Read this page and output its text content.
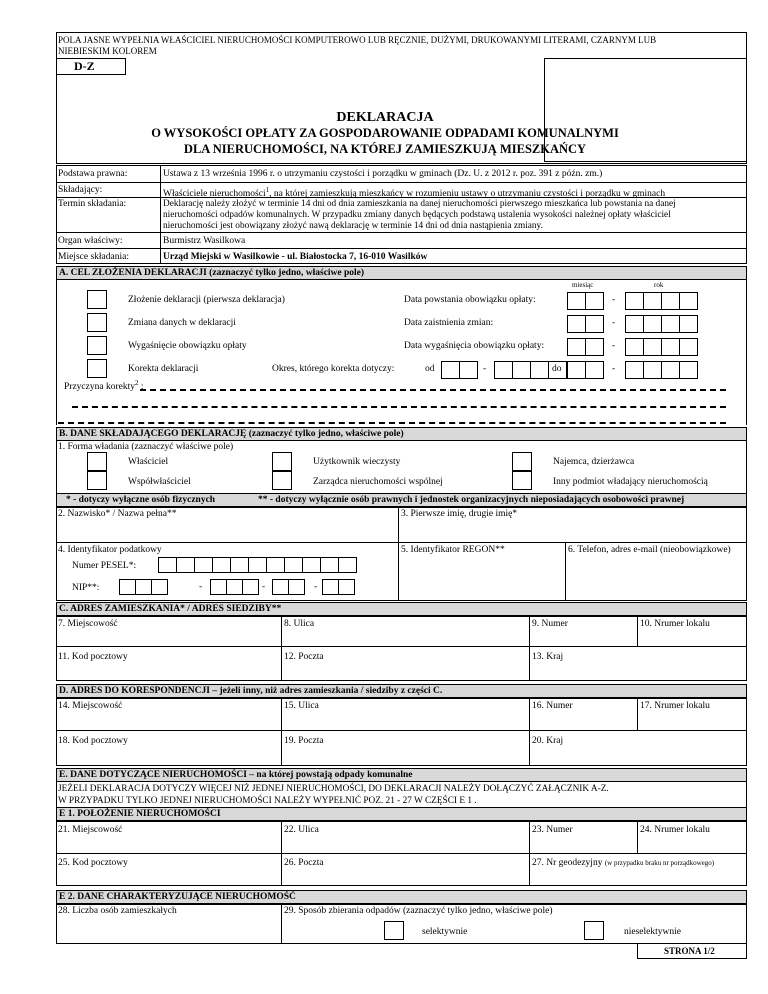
POLA JASNE WYPEŁNIA WŁAŚCICIEL NIERUCHOMOŚCI KOMPUTEROWO LUB RĘCZNIE, DUŻYMI, DRUKOWANYMI LITERAMI, CZARNYM LUB
NIEBIESKIM KOLOREM
D-Z
DEKLARACJA
O WYSOKOŚCI OPŁATY ZA GOSPODAROWANIE ODPADAMI KOMUNALNYMI
DLA NIERUCHOMOŚCI, NA KTÓREJ ZAMIESZKUJĄ MIESZKAŃCY
Podstawa prawna:	Ustawa z 13 września 1996 r. o utrzymaniu czystości i porządku w gminach (Dz. U. z 2012 r. poz. 391 z późn. zm.)
Składający:	Właściciele nieruchomości$^1$, na której zamieszkują mieszkańcy w rozumieniu ustawy o utrzymaniu czystości i porządku w gminach
Termin składania:	Deklarację należy złożyć w terminie 14 dni od dnia zamieszkania na danej nieruchomości pierwszego mieszkańca lub powstania na danej
nieruchomości odpadów komunalnych. W przypadku zmiany danych będących podstawą ustalenia wysokości należnej opłaty właściciel
nieruchomości jest obowiązany złożyć nawą deklarację w terminie 14 dni od dnia nastąpienia zmiany.
Organ właściwy:	Burmistrz Wasilkowa
Miejsce składania:	Urząd Miejski w Wasilkowie - ul. Białostocka 7, 16-010 Wasilków
A. CEL ZŁOŻENIA DEKLARACJI (zaznaczyć tylko jedno, właściwe pole)
miesiąc	rok
Złożenie deklaracji (pierwsza deklaracja)	Data powstania obowiązku opłaty:	-
Zmiana danych w deklaracji	Data zaistnienia zmian:	-
Wygaśnięcie obowiązku opłaty	Data wygaśnięcia obowiązku opłaty:	-
Korekta deklaracji	Okres, którego korekta dotyczy:	od	-	do	-
Przyczyna korekty$^2$ :
B. DANE SKŁADAJĄCEGO DEKLARACJĘ (zaznaczyć tylko jedno, właściwe pole)
1. Forma władania (zaznaczyć właściwe pole)
Właściciel	Użytkownik wieczysty	Najemca, dzierżawca
Współwłaściciel	Zarządca nieruchomości wspólnej	Inny podmiot władający nieruchomością
* - dotyczy wyłączne osób fizycznych	** - dotyczy wyłącznie osób prawnych i jednostek organizacyjnych nieposiadających osobowości prawnej
2. Nazwisko* / Nazwa pełna**	3. Pierwsze imię, drugie imię*
4. Identyfikator podatkowy	5. Identyfikator REGON**	6. Telefon, adres e-mail (nieobowiązkowe)
Numer PESEL*:
NIP**:	-	-	-
C. ADRES ZAMIESZKANIA* / ADRES SIEDZIBY**
7. Miejscowość	8. Ulica	9. Numer	10. Nrumer lokalu
11. Kod pocztowy	12. Poczta	13. Kraj
D. ADRES DO KORESPONDENCJI – jeżeli inny, niż adres zamieszkania / siedziby z części C.
14. Miejscowość	15. Ulica	16. Numer	17. Nrumer lokalu
18. Kod pocztowy	19. Poczta	20. Kraj
E. DANE DOTYCZĄCE NIERUCHOMOŚCI – na której powstają odpady komunalne
JEŻELI DEKLARACJA DOTYCZY WIĘCEJ NIŻ JEDNEJ NIERUCHOMOŚCI, DO DEKLARACJI NALEŻY DOŁĄCZYĆ ZAŁĄCZNIK A-Z.
W PRZYPADKU TYLKO JEDNEJ NIERUCHOMOŚCI NALEŻY WYPEŁNIĆ POZ. 21 - 27 W CZĘŚCI E 1 .
E 1. POŁOŻENIE NIERUCHOMOŚCI
21. Miejscowość	22. Ulica	23. Numer	24. Nrumer lokalu
25. Kod pocztowy	26. Poczta	27. Nr geodezyjny (w przypadku braku nr porządkowego)
E 2. DANE CHARAKTERYZUJĄCE NIERUCHOMOŚĆ
28. Liczba osób zamieszkałych	29. Sposób zbierania odpadów (zaznaczyć tylko jedno, właściwe pole)
selektywnie	nieselektywnie
STRONA 1/2
